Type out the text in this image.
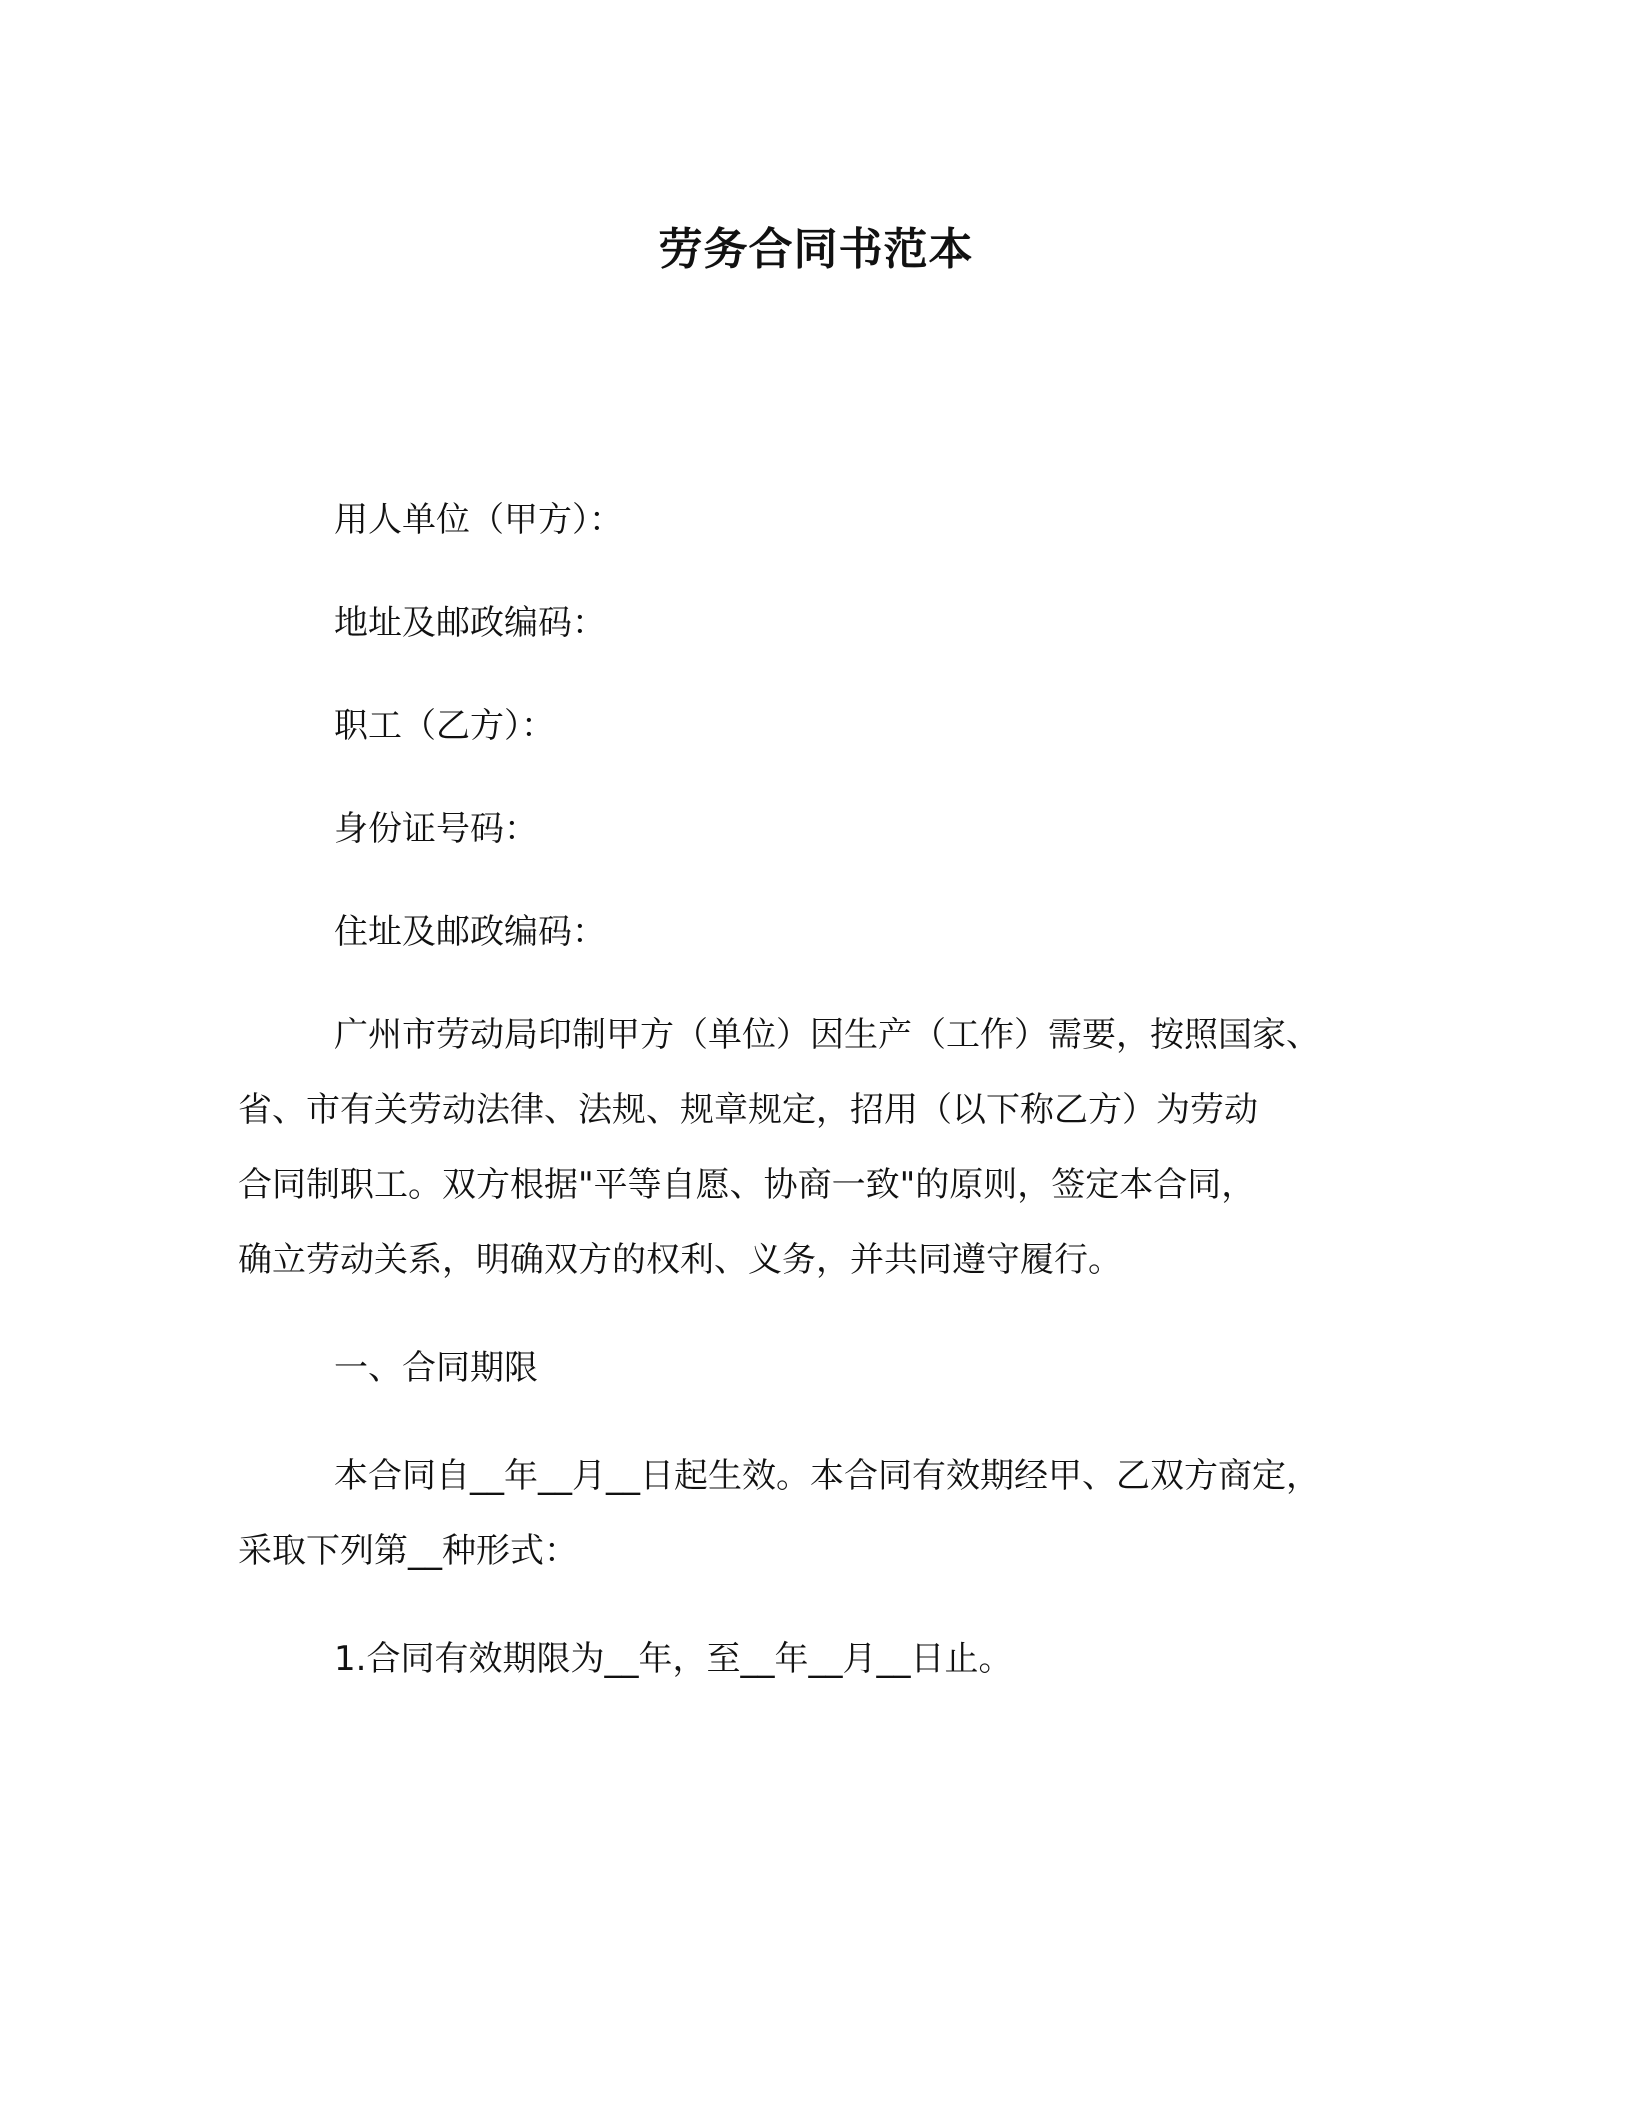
劳务合同书范本
用人单位（甲方）：
地址及邮政编码：
职工（乙方）：
身份证号码：
住址及邮政编码：
广州市劳动局印制甲方（单位）因生产（工作）需要，按照国家、
省、市有关劳动法律、法规、规章规定，招用（以下称乙方）为劳动
合同制职工。双方根据"平等自愿、协商一致"的原则，签定本合同，
确立劳动关系，明确双方的权利、义务，并共同遵守履行。
一、合同期限
本合同自__年__月__日起生效。本合同有效期经甲、乙双方商定，
采取下列第__种形式：
1.合同有效期限为__年，至__年__月__日止。
